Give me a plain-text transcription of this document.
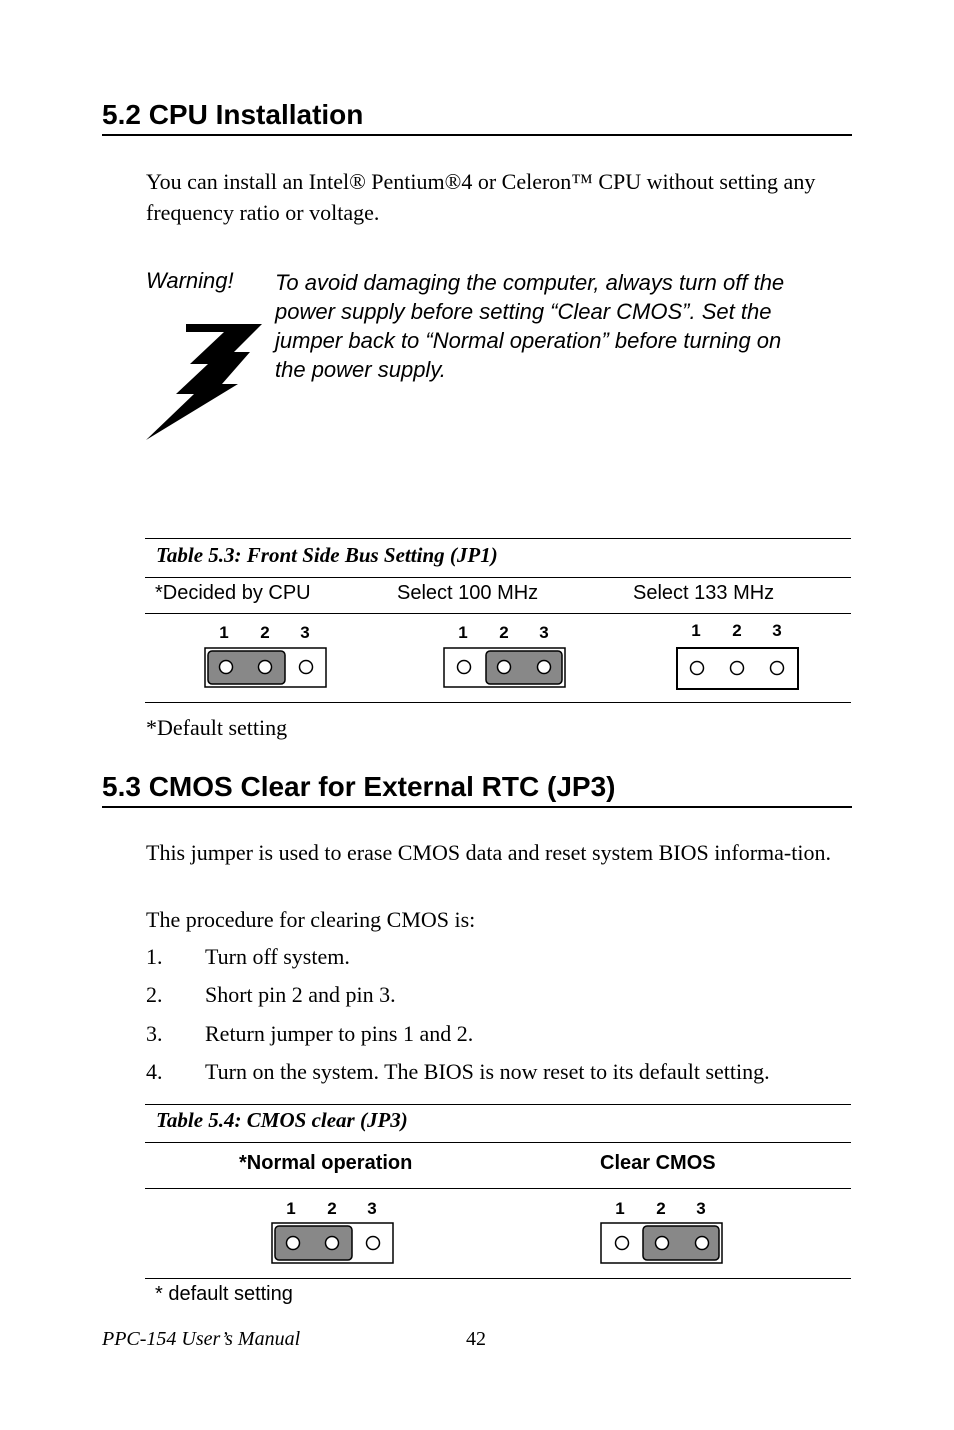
5.2 CPU Installation
You can install an Intel® Pentium®4 or Celeron™ CPU without setting any frequency ratio or voltage.
Warning! To avoid damaging the computer, always turn off the power supply before setting “Clear CMOS”. Set the jumper back to “Normal operation” before turning on the power supply.
Table 5.3: Front Side Bus Setting (JP1)
*Decided by CPU	Select 100 MHz	Select 133 MHz
1 2 3	1 2 3	1 2 3
*Default setting
5.3 CMOS Clear for External RTC (JP3)
This jumper is used to erase CMOS data and reset system BIOS informa-tion.
The procedure for clearing CMOS is:
1. Turn off system.
2. Short pin 2 and pin 3.
3. Return jumper to pins 1 and 2.
4. Turn on the system. The BIOS is now reset to its default setting.
Table 5.4: CMOS clear (JP3)
*Normal operation	Clear CMOS
1 2 3	1 2 3
* default setting
PPC-154 User’s Manual	42
